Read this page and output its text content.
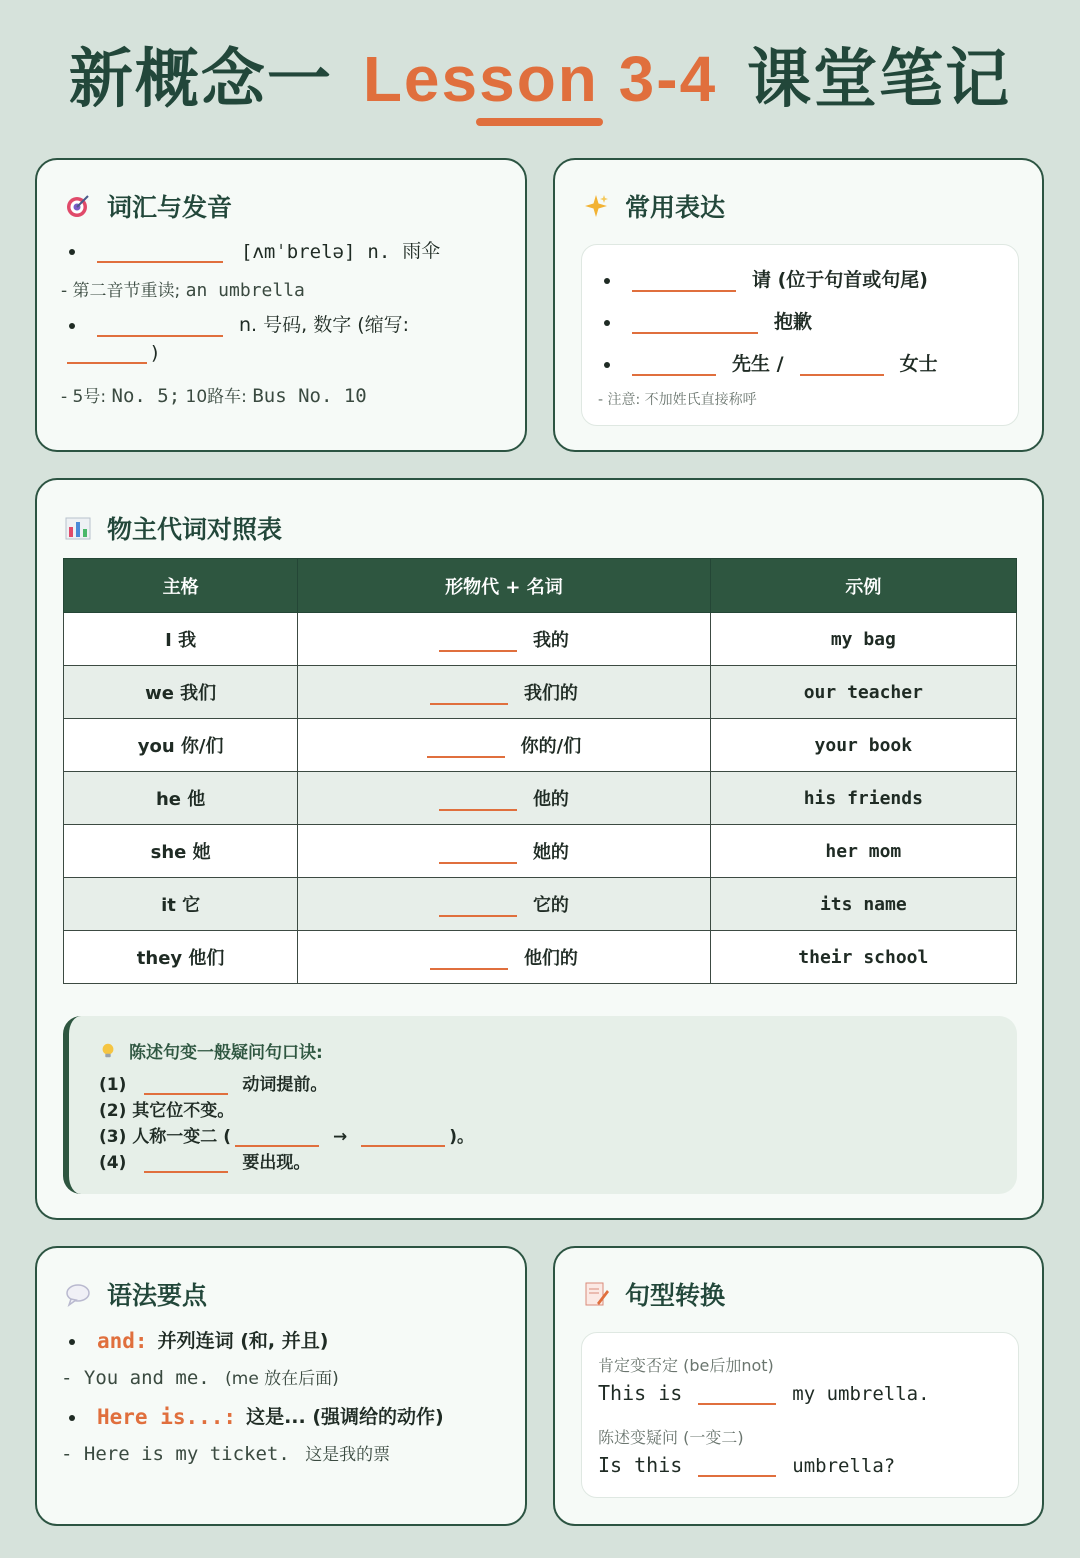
新概念一 Lesson 3-4 课堂笔记
词汇与发音
[ʌmˈbrelə] n. 雨伞
- 第二音节重读; an umbrella
n. 号码, 数字 (缩写:
)
- 5号: No. 5; 10路车: Bus No. 10
常用表达
请 (位于句首或句尾)
抱歉
先生 /	女士
- 注意: 不加姓氏直接称呼
物主代词对照表
主格	形物代 + 名词	示例
I 我	我的	my bag
we 我们	我们的	our teacher
you 你/们	你的/们	your book
he 他	他的	his friends
she 她	她的	her mom
it 它	它的	its name
they 他们	他们的	their school
陈述句变一般疑问句口诀:
(1)	动词提前。
(2) 其它位不变。
(3) 人称一变二 (	→	)。
(4)	要出现。
语法要点
and: 并列连词 (和, 并且)
- You and me. (me 放在后面)
Here is...: 这是... (强调给的动作)
- Here is my ticket. 这是我的票
句型转换
肯定变否定 (be后加not)
This is	my umbrella.
陈述变疑问 (一变二)
Is this	umbrella?
